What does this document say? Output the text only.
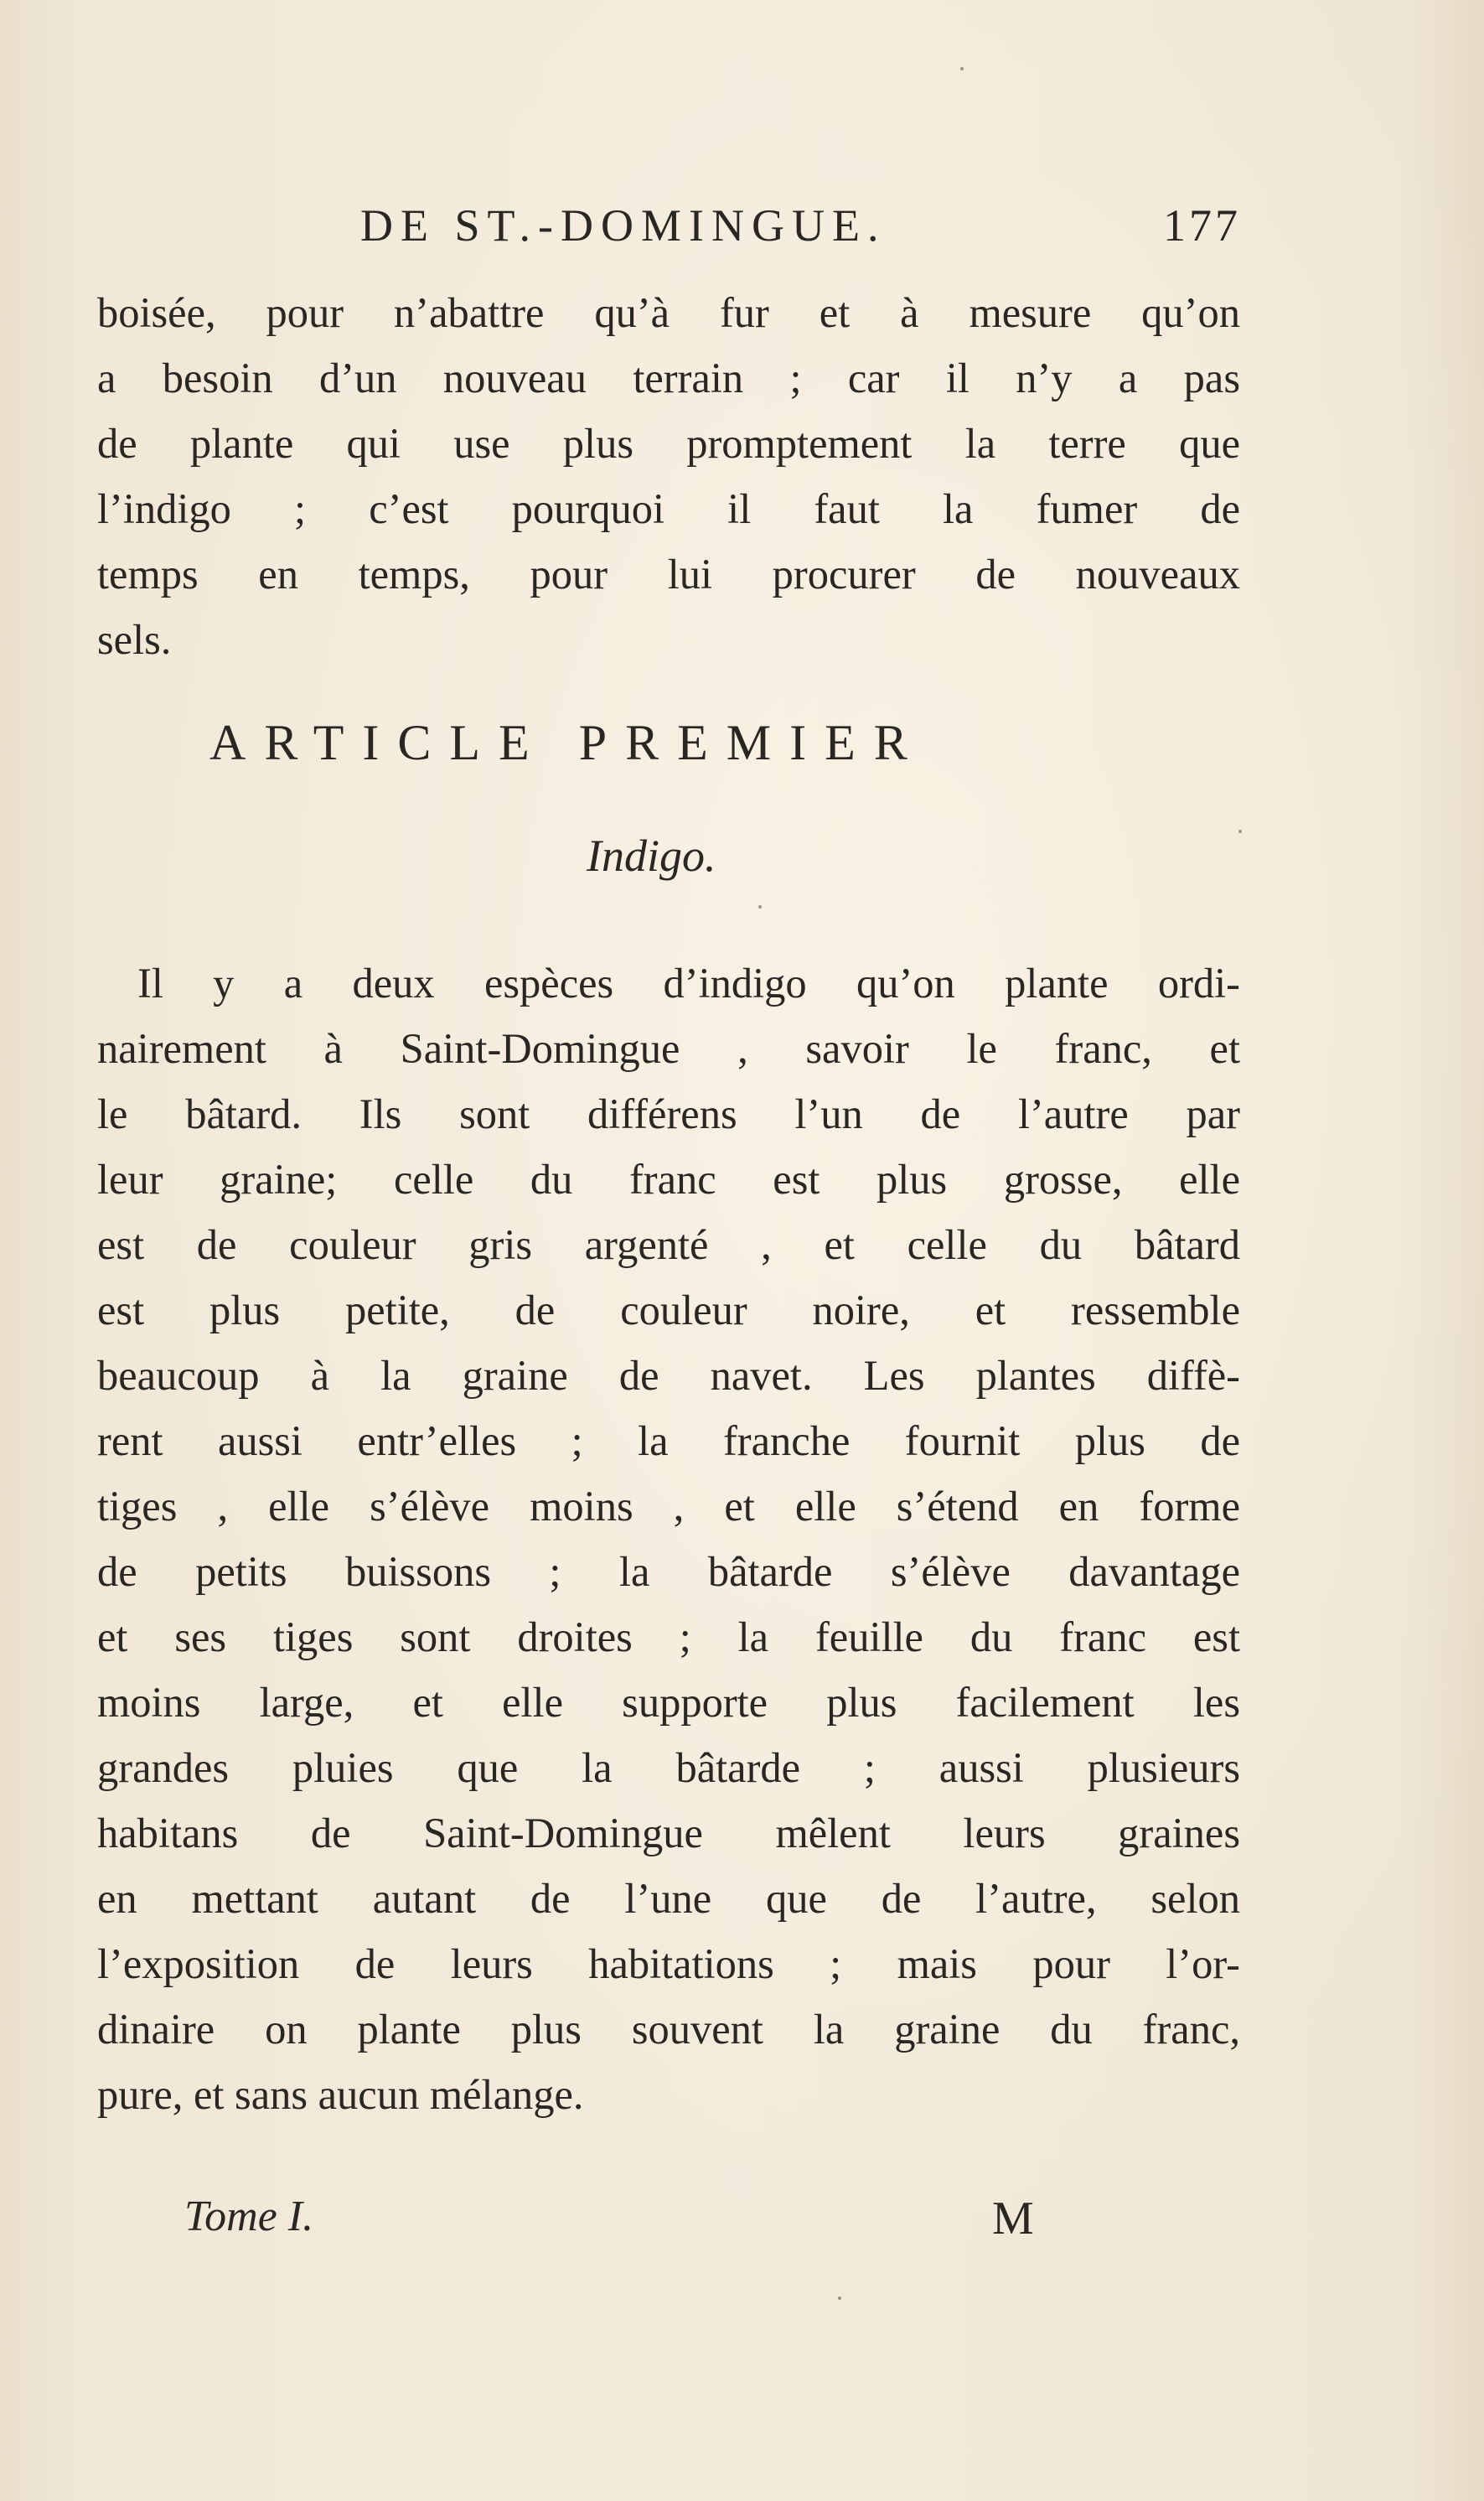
DE ST.-DOMINGUE.	177
boisée, pour n’abattre qu’à fur et à mesure qu’on
a besoin d’un nouveau terrain ; car il n’y a pas
de plante qui use plus promptement la terre que
l’indigo ; c’est pourquoi il faut la fumer de
temps en temps, pour lui procurer de nouveaux
sels.
ARTICLE PREMIER
Indigo.
Il y a deux espèces d’indigo qu’on plante ordi-
nairement à Saint-Domingue , savoir le franc, et
le bâtard. Ils sont différens l’un de l’autre par
leur graine; celle du franc est plus grosse, elle
est de couleur gris argenté , et celle du bâtard
est plus petite, de couleur noire, et ressemble
beaucoup à la graine de navet. Les plantes diffè-
rent aussi entr’elles ; la franche fournit plus de
tiges , elle s’élève moins , et elle s’étend en forme
de petits buissons ; la bâtarde s’élève davantage
et ses tiges sont droites ; la feuille du franc est
moins large, et elle supporte plus facilement les
grandes pluies que la bâtarde ; aussi plusieurs
habitans de Saint-Domingue mêlent leurs graines
en mettant autant de l’une que de l’autre, selon
l’exposition de leurs habitations ; mais pour l’or-
dinaire on plante plus souvent la graine du franc,
pure, et sans aucun mélange.
Tome I.	M
